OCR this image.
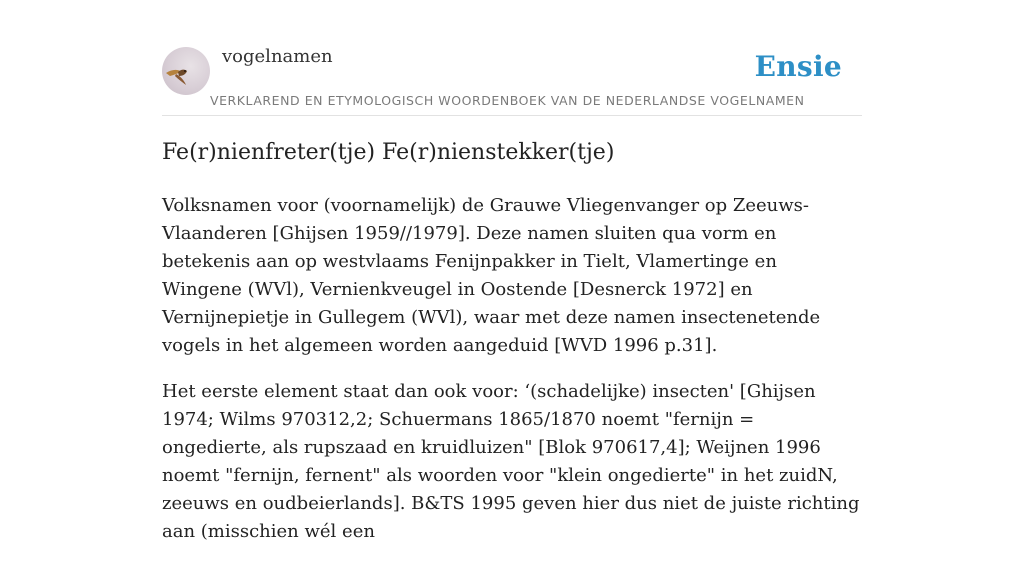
vogelnamen	Ensie
VERKLAREND EN ETYMOLOGISCH WOORDENBOEK VAN DE NEDERLANDSE VOGELNAMEN
Fe(r)nienfreter(tje) Fe(r)nienstekker(tje)

Volksnamen voor (voornamelijk) de Grauwe Vliegenvanger op Zeeuws-Vlaanderen [Ghijsen 1959//1979]. Deze namen sluiten qua vorm en betekenis aan op westvlaams Fenijnpakker in Tielt, Vlamertinge en Wingene (WVl), Vernienkveugel in Oostende [Desnerck 1972] en Vernijnepietje in Gullegem (WVl), waar met deze namen insectenetende vogels in het algemeen worden aangeduid [WVD 1996 p.31].

Het eerste element staat dan ook voor: ‘(schadelijke) insecten' [Ghijsen 1974; Wilms 970312,2; Schuermans 1865/1870 noemt "fernijn = ongedierte, als rupszaad en kruidluizen" [Blok 970617,4]; Weijnen 1996 noemt "fernijn, fernent" als woorden voor "klein ongedierte" in het zuidN, zeeuws en oudbeierlands]. B&TS 1995 geven hier dus niet de juiste richting aan (misschien wél een
